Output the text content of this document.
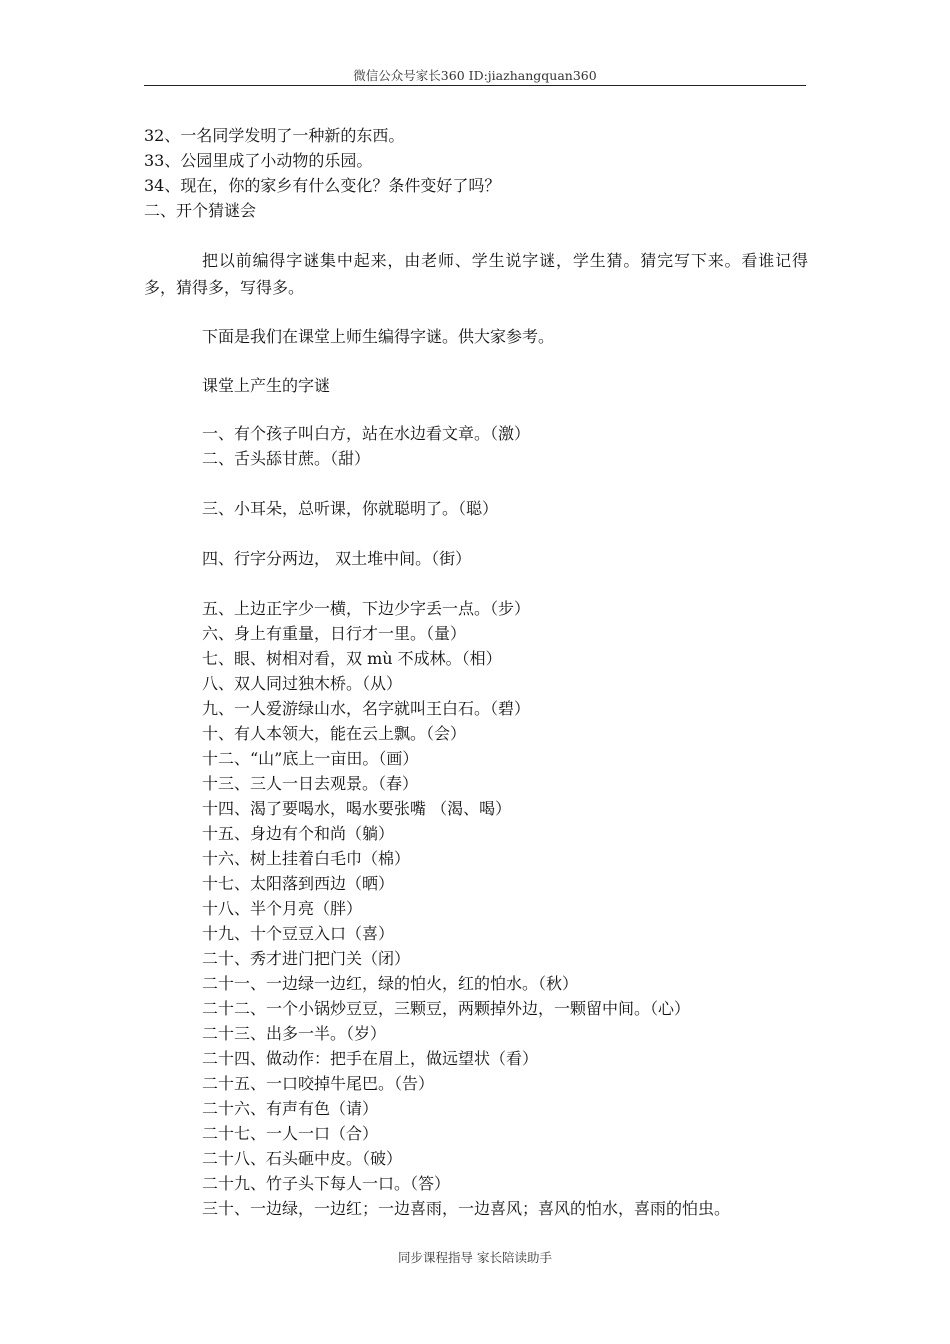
微信公众号家长360 ID:jiazhangquan360
32、一名同学发明了一种新的东西。
33、公园里成了小动物的乐园。
34、现在，你的家乡有什么变化？条件变好了吗？
二、开个猜谜会

把以前编得字谜集中起来，由老师、学生说字谜，学生猜。猜完写下来。看谁记得多，猜得多，写得多。

下面是我们在课堂上师生编得字谜。供大家参考。

课堂上产生的字谜

一、有个孩子叫白方，站在水边看文章。（激）
二、舌头舔甘蔗。（甜）
三、小耳朵，总听课，你就聪明了。（聪）
四、行字分两边， 双土堆中间。（街）
五、上边正字少一横，下边少字丢一点。（步）
六、身上有重量，日行才一里。（量）
七、眼、树相对看，双 mù 不成林。（相）
八、双人同过独木桥。（从）
九、一人爱游绿山水，名字就叫王白石。（碧）
十、有人本领大，能在云上飘。（会）
十二、“山”底上一亩田。（画）
十三、三人一日去观景。（春）
十四、渴了要喝水，喝水要张嘴 （渴、喝）
十五、身边有个和尚（躺）
十六、树上挂着白毛巾（棉）
十七、太阳落到西边（晒）
十八、半个月亮（胖）
十九、十个豆豆入口（喜）
二十、秀才进门把门关（闭）
二十一、一边绿一边红，绿的怕火，红的怕水。（秋）
二十二、一个小锅炒豆豆，三颗豆，两颗掉外边，一颗留中间。（心）
二十三、出多一半。（岁）
二十四、做动作：把手在眉上，做远望状（看）
二十五、一口咬掉牛尾巴。（告）
二十六、有声有色（请）
二十七、一人一口（合）
二十八、石头砸中皮。（破）
二十九、竹子头下每人一口。（答）
三十、一边绿，一边红；一边喜雨，一边喜风；喜风的怕水，喜雨的怕虫。
同步课程指导 家长陪读助手
